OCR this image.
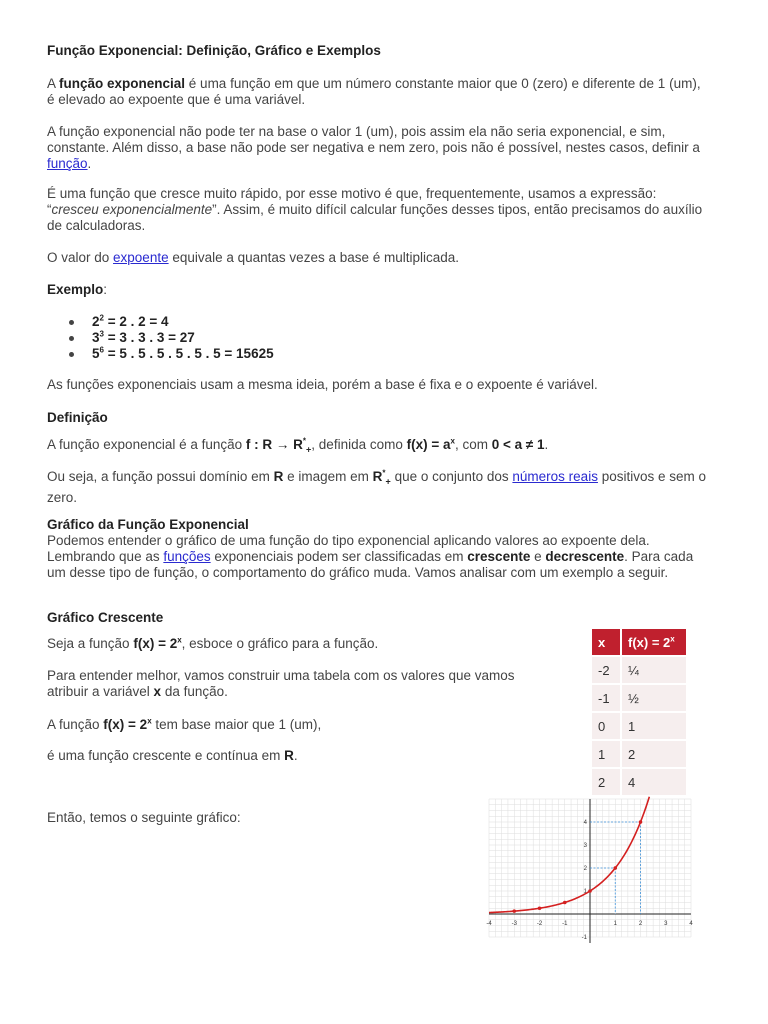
Função Exponencial: Definição, Gráfico e Exemplos

A função exponencial é uma função em que um número constante maior que 0 (zero) e diferente de 1 (um), é elevado ao expoente que é uma variável.

A função exponencial não pode ter na base o valor 1 (um), pois assim ela não seria exponencial, e sim, constante. Além disso, a base não pode ser negativa e nem zero, pois não é possível, nestes casos, definir a função.

É uma função que cresce muito rápido, por esse motivo é que, frequentemente, usamos a expressão: “cresceu exponencialmente”. Assim, é muito difícil calcular funções desses tipos, então precisamos do auxílio de calculadoras.

O valor do expoente equivale a quantas vezes a base é multiplicada.

Exemplo:

$2^2 = 2$ . 2 = 4
$3^3 = 3$ . 3 . 3 = 27
$5^6 = 5$ . 5 . 5 . 5 . 5 . 5 = 15625

As funções exponenciais usam a mesma ideia, porém a base é fixa e o expoente é variável.

Definição

A função exponencial é a função f : $R \to R^*_+$, definida como $f(x) = a^x$, com 0 < a ≠ 1.

Ou seja, a função possui domínio em R e imagem em $R^*_+$ que o conjunto dos números reais positivos e sem o zero.

Gráfico da Função Exponencial

Podemos entender o gráfico de uma função do tipo exponencial aplicando valores ao expoente dela. Lembrando que as funções exponenciais podem ser classificadas em crescente e decrescente. Para cada um desse tipo de função, o comportamento do gráfico muda. Vamos analisar com um exemplo a seguir.

Gráfico Crescente

Seja a função $f(x) = 2^x$, esboce o gráfico para a função.

Para entender melhor, vamos construir uma tabela com os valores que vamos atribuir a variável x da função.

A função $f(x) = 2^x$ tem base maior que 1 (um),

é uma função crescente e contínua em R.

Então, temos o seguinte gráfico:

x	$f(x) = 2^x$
-2	¼
-1	½
0	1
1	2
2	4
-4	-3	-2	-1	1	2	3	4
-1
1
2
3
4
